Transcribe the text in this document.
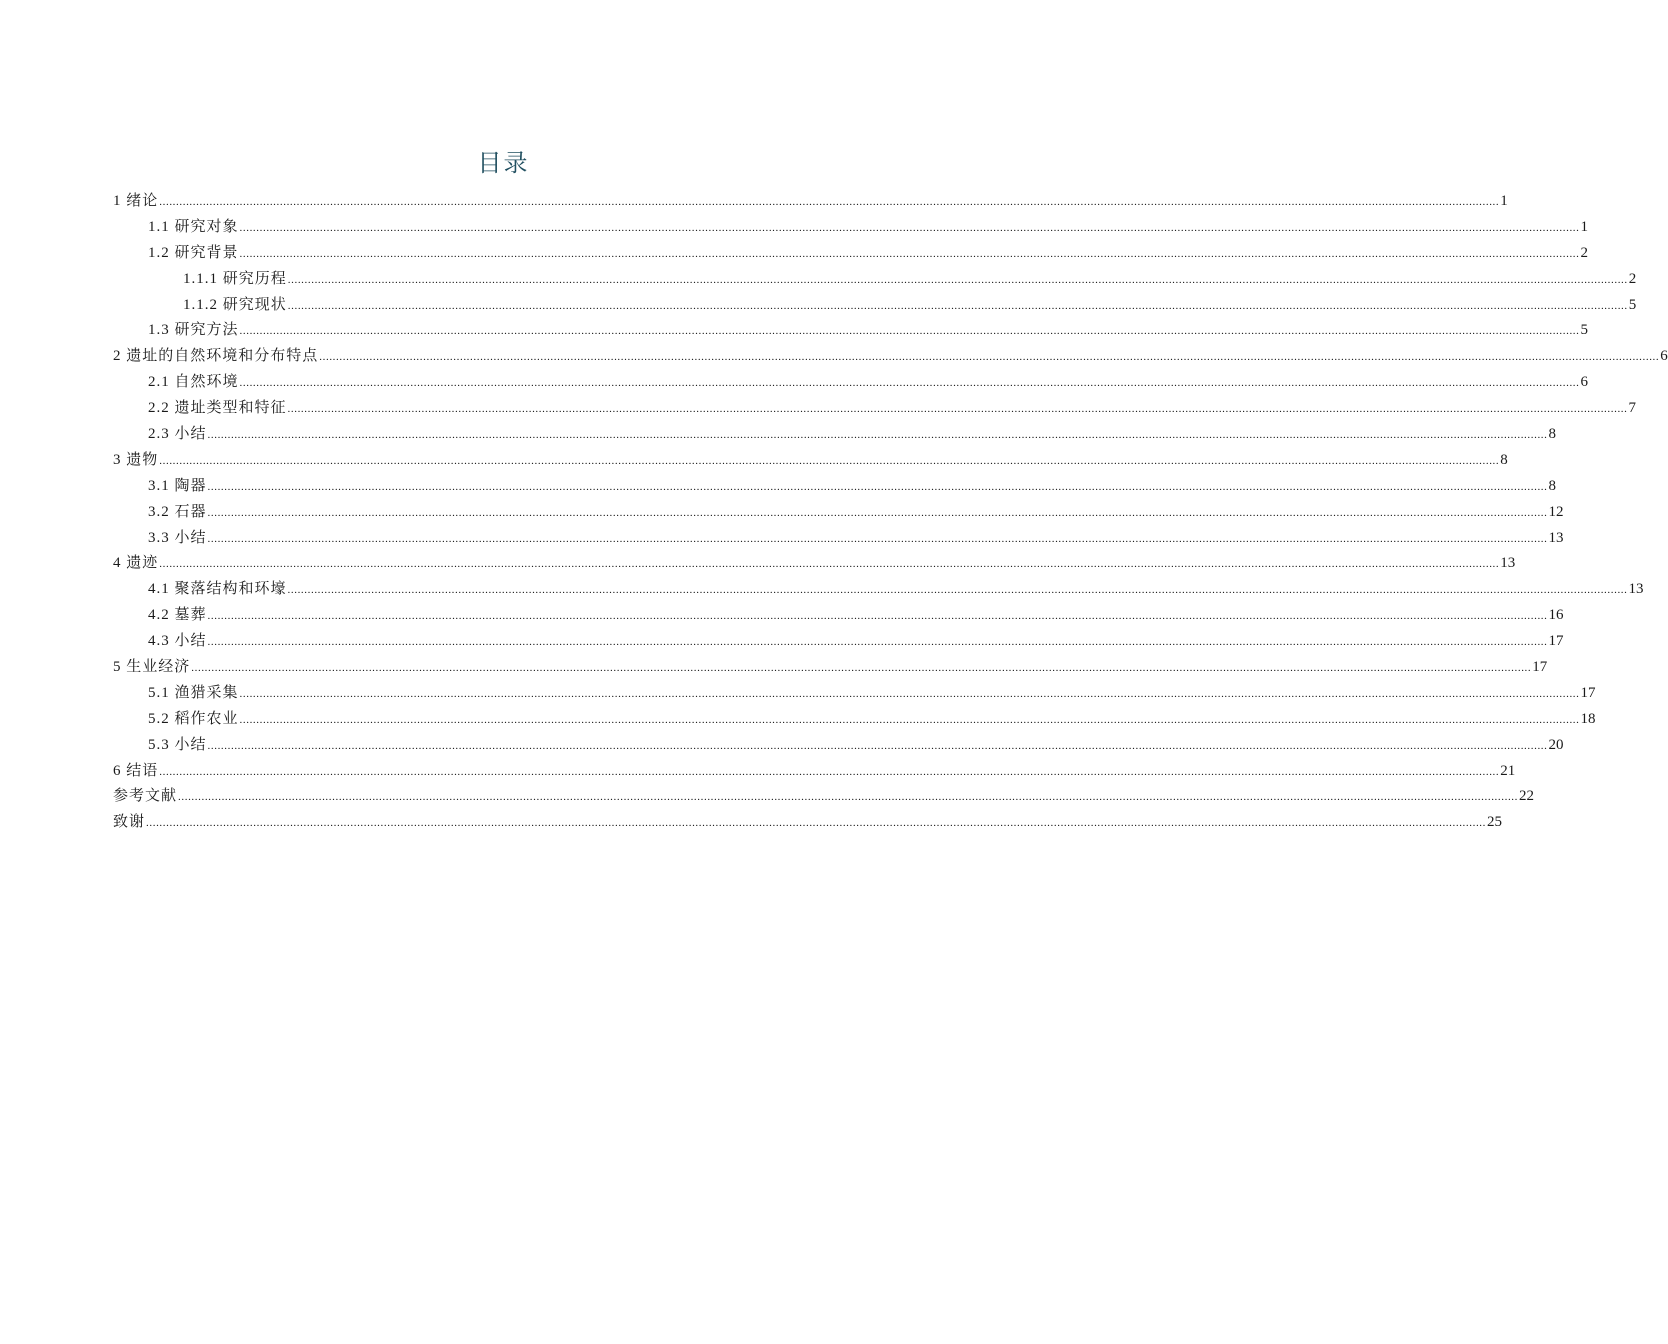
目录
1 绪论 ................................................................................................................................................................................................................................................................................................................................................................................................................ 1
1.1 研究对象 ................................................................................................................................................................................................................................................................................................................................................................................................................ 1
1.2 研究背景 ................................................................................................................................................................................................................................................................................................................................................................................................................ 2
1.1.1 研究历程 ................................................................................................................................................................................................................................................................................................................................................................................................................ 2
1.1.2 研究现状 ................................................................................................................................................................................................................................................................................................................................................................................................................ 5
1.3 研究方法 ................................................................................................................................................................................................................................................................................................................................................................................................................ 5
2 遗址的自然环境和分布特点 ................................................................................................................................................................................................................................................................................................................................................................................................................ 6
2.1 自然环境 ................................................................................................................................................................................................................................................................................................................................................................................................................ 6
2.2 遗址类型和特征 ................................................................................................................................................................................................................................................................................................................................................................................................................ 7
2.3 小结 ................................................................................................................................................................................................................................................................................................................................................................................................................ 8
3 遗物 ................................................................................................................................................................................................................................................................................................................................................................................................................ 8
3.1 陶器 ................................................................................................................................................................................................................................................................................................................................................................................................................ 8
3.2 石器 ................................................................................................................................................................................................................................................................................................................................................................................................................ 12
3.3 小结 ................................................................................................................................................................................................................................................................................................................................................................................................................ 13
4 遗迹 ................................................................................................................................................................................................................................................................................................................................................................................................................ 13
4.1 聚落结构和环壕 ................................................................................................................................................................................................................................................................................................................................................................................................................ 13
4.2 墓葬 ................................................................................................................................................................................................................................................................................................................................................................................................................ 16
4.3 小结 ................................................................................................................................................................................................................................................................................................................................................................................................................ 17
5 生业经济 ................................................................................................................................................................................................................................................................................................................................................................................................................ 17
5.1 渔猎采集 ................................................................................................................................................................................................................................................................................................................................................................................................................ 17
5.2 稻作农业 ................................................................................................................................................................................................................................................................................................................................................................................................................ 18
5.3 小结 ................................................................................................................................................................................................................................................................................................................................................................................................................ 20
6 结语 ................................................................................................................................................................................................................................................................................................................................................................................................................ 21
参考文献 ................................................................................................................................................................................................................................................................................................................................................................................................................ 22
致谢 ................................................................................................................................................................................................................................................................................................................................................................................................................ 25
